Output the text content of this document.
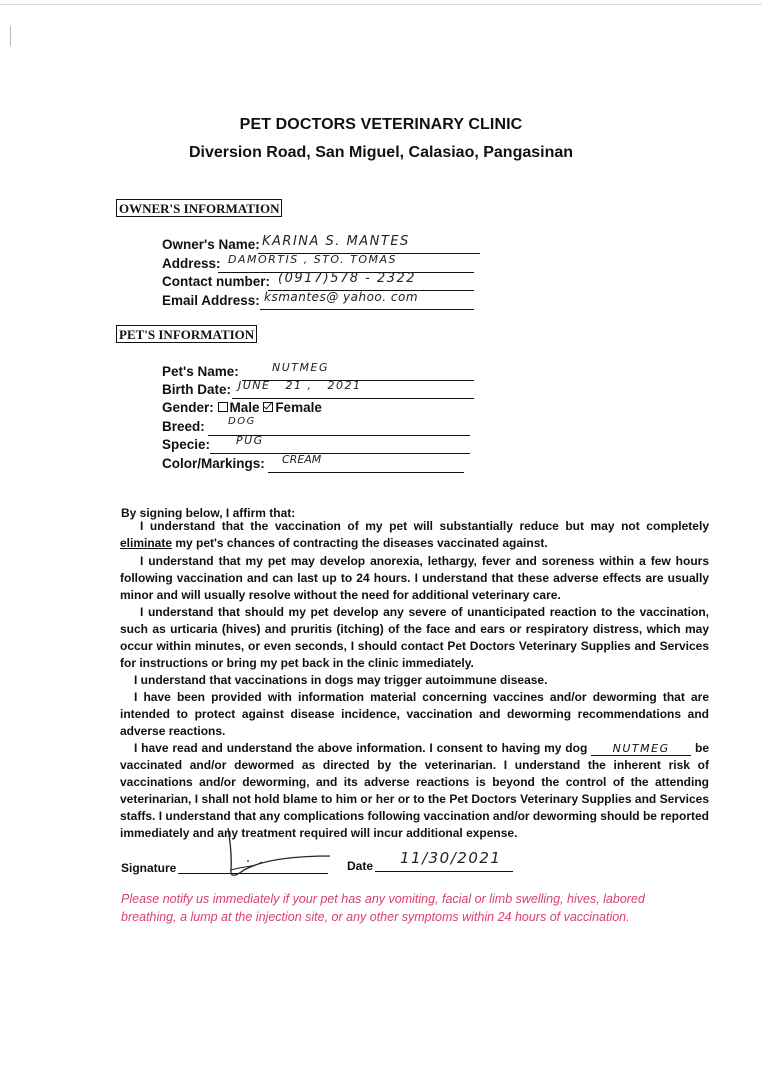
PET DOCTORS VETERINARY CLINIC
Diversion Road, San Miguel, Calasiao, Pangasinan
OWNER'S INFORMATION
Owner's Name: KARINA S. MANTES
Address: DAMORTIS , STO. TOMAS
Contact number: (0917)578 - 2322
Email Address: ksmantes@ yahoo. com
PET'S INFORMATION
Pet's Name:	NUTMEG
Birth Date: JUNE   21 ,   2021
Gender: Male Female
Breed: DOG
Specie: PUG
Color/Markings: CREAM
By signing below, I affirm that:
I understand that the vaccination of my pet will substantially reduce but may not completely eliminate my pet's chances of contracting the diseases vaccinated against.
I understand that my pet may develop anorexia, lethargy, fever and soreness within a few hours following vaccination and can last up to 24 hours. I understand that these adverse effects are usually minor and will usually resolve without the need for additional veterinary care.
I understand that should my pet develop any severe of unanticipated reaction to the vaccination, such as urticaria (hives) and pruritis (itching) of the face and ears or respiratory distress, which may occur within minutes, or even seconds, I should contact Pet Doctors Veterinary Supplies and Services for instructions or bring my pet back in the clinic immediately.
I understand that vaccinations in dogs may trigger autoimmune disease.
I have been provided with information material concerning vaccines and/or deworming that are intended to protect against disease incidence, vaccination and deworming recommendations and adverse reactions.
I have read and understand the above information. I consent to having my dog NUTMEG be vaccinated and/or dewormed as directed by the veterinarian. I understand the inherent risk of vaccinations and/or deworming, and its adverse reactions is beyond the control of the attending veterinarian, I shall not hold blame to him or her or to the Pet Doctors Veterinary Supplies and Services staffs. I understand that any complications following vaccination and/or deworming should be reported immediately and any treatment required will incur additional expense.
Signature	Date 11/30/2021
Please notify us immediately if your pet has any vomiting, facial or limb swelling, hives, labored breathing, a lump at the injection site, or any other symptoms within 24 hours of vaccination.
